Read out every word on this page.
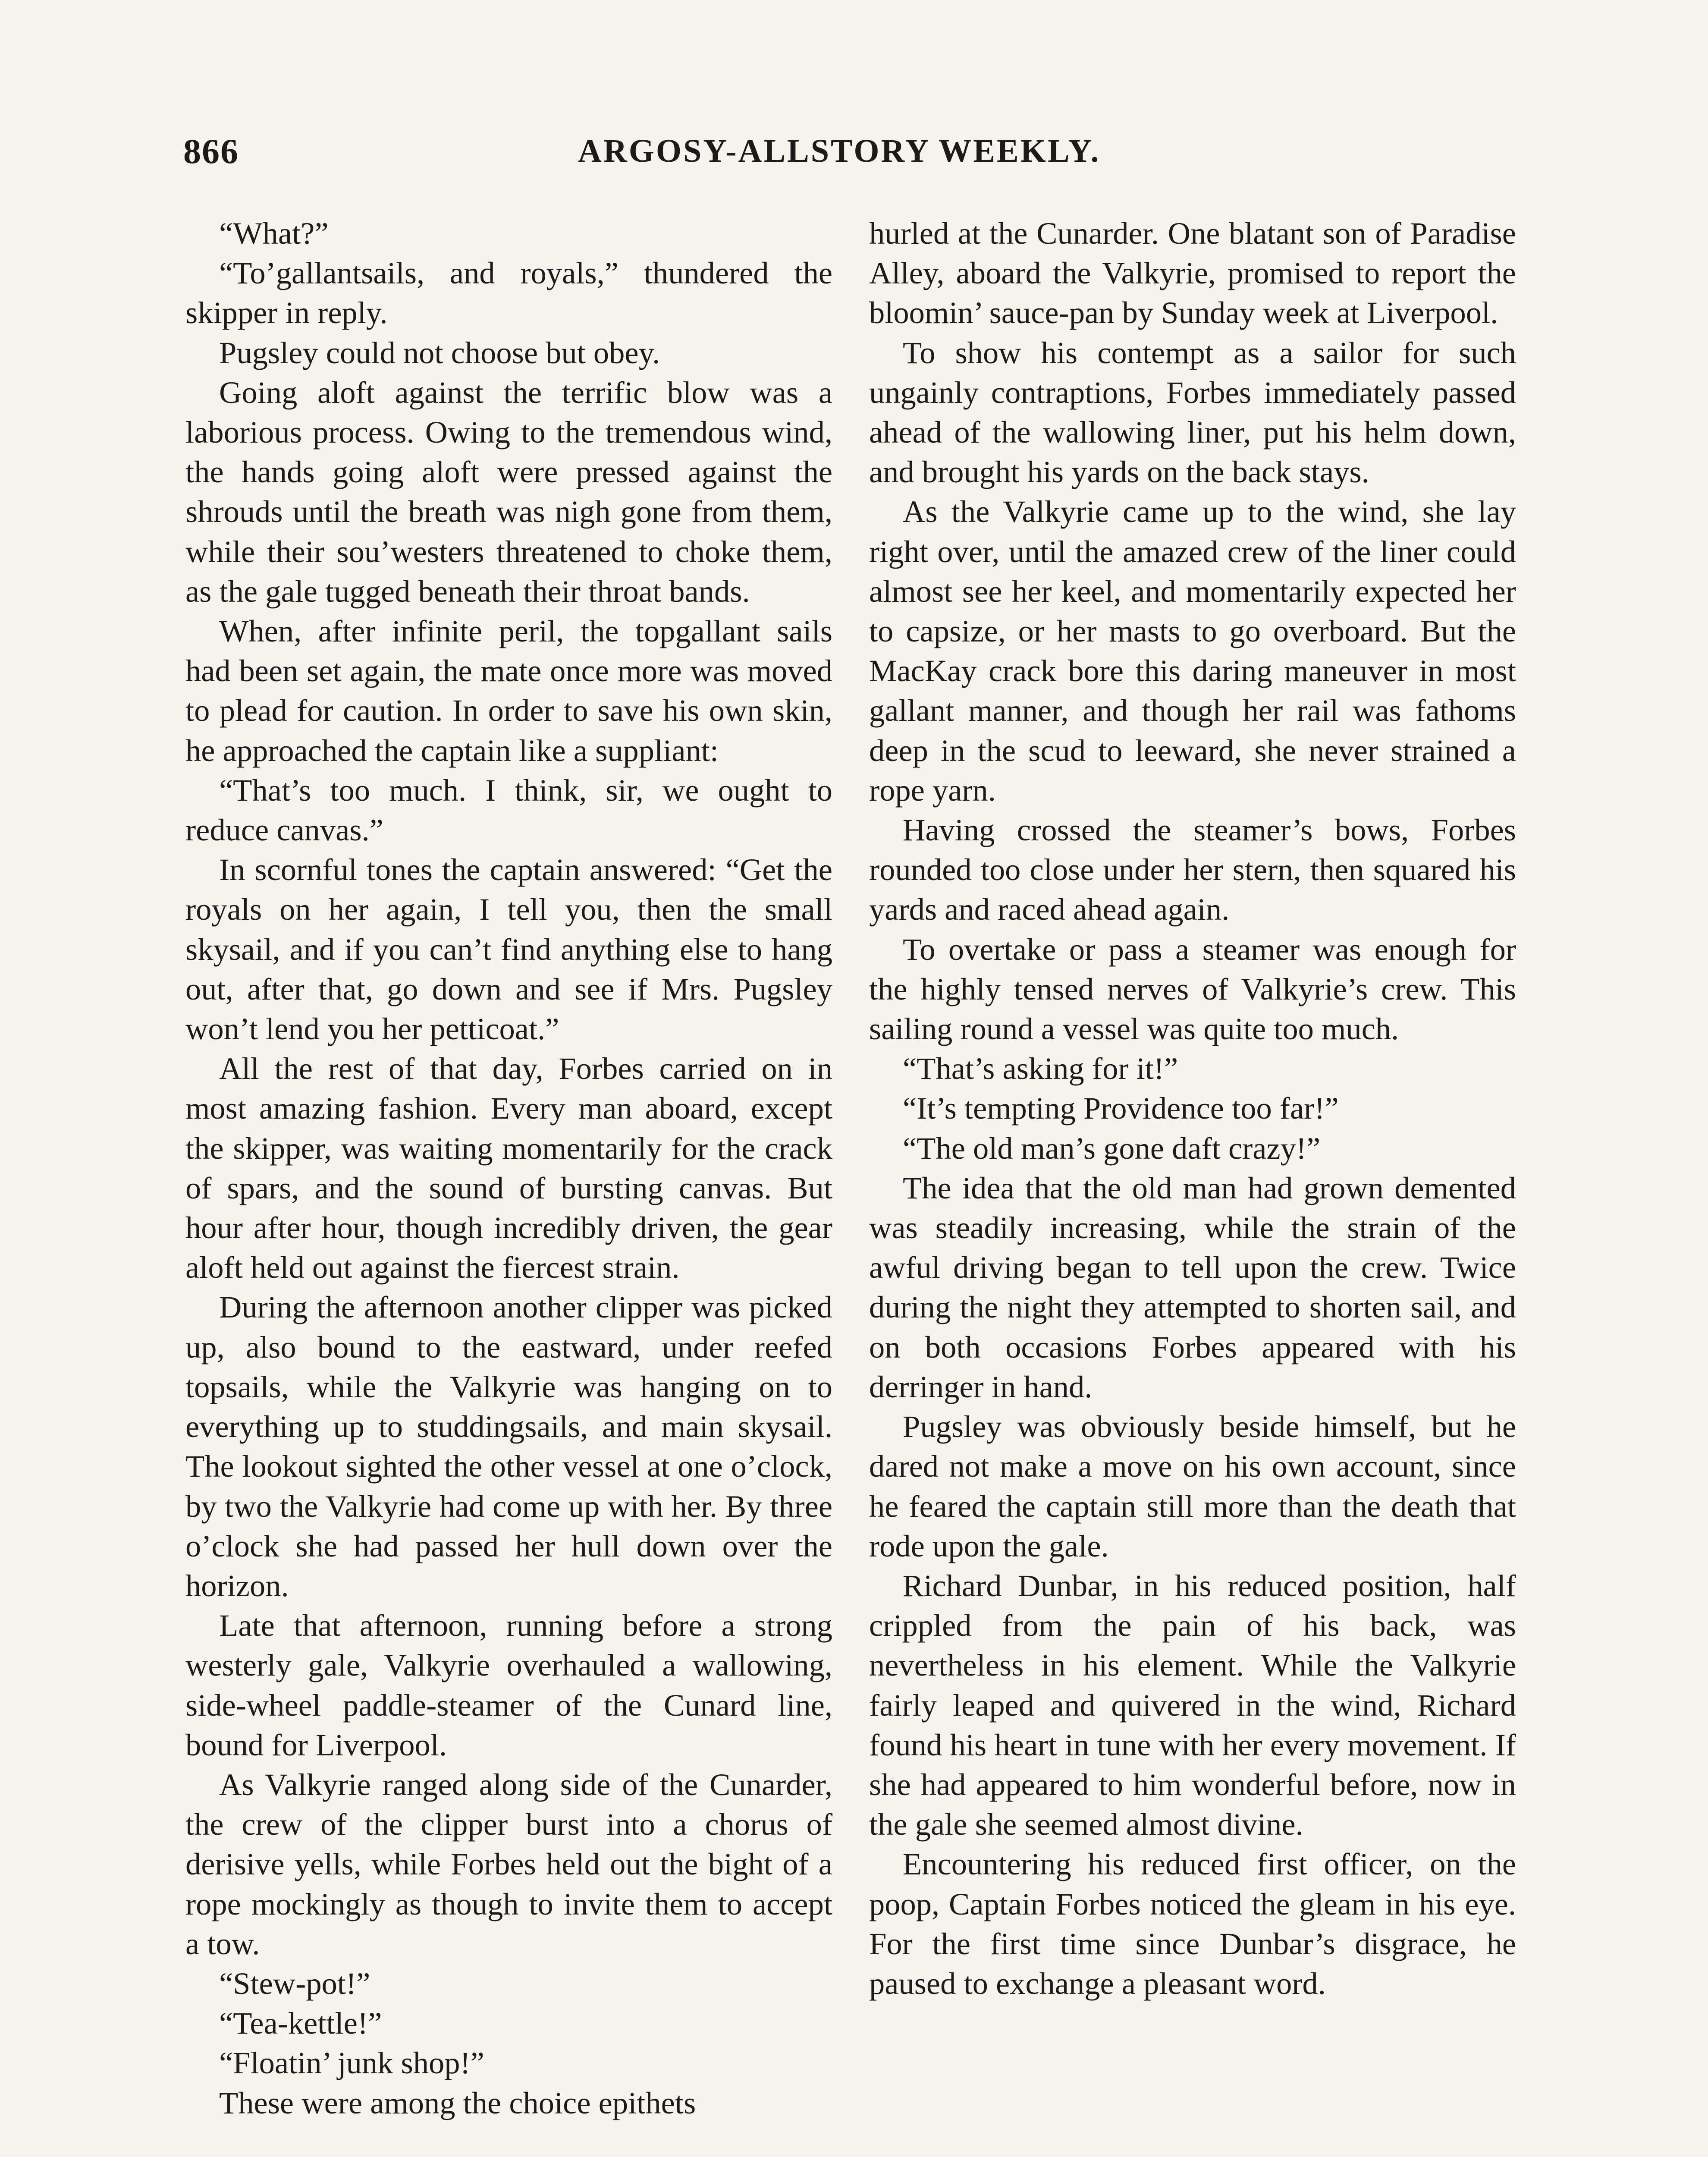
866	ARGOSY-ALLSTORY WEEKLY.

“What?”

“To’gallantsails, and royals,” thundered the skipper in reply.

Pugsley could not choose but obey.

Going aloft against the terrific blow was a laborious process. Owing to the tremendous wind, the hands going aloft were pressed against the shrouds until the breath was nigh gone from them, while their sou’westers threatened to choke them, as the gale tugged beneath their throat bands.

When, after infinite peril, the topgallant sails had been set again, the mate once more was moved to plead for caution. In order to save his own skin, he approached the captain like a suppliant:

“That’s too much. I think, sir, we ought to reduce canvas.”

In scornful tones the captain answered: “Get the royals on her again, I tell you, then the small skysail, and if you can’t find anything else to hang out, after that, go down and see if Mrs. Pugsley won’t lend you her petticoat.”

All the rest of that day, Forbes carried on in most amazing fashion. Every man aboard, except the skipper, was waiting momentarily for the crack of spars, and the sound of bursting canvas. But hour after hour, though incredibly driven, the gear aloft held out against the fiercest strain.

During the afternoon another clipper was picked up, also bound to the eastward, under reefed topsails, while the Valkyrie was hanging on to everything up to studdingsails, and main skysail. The lookout sighted the other vessel at one o’clock, by two the Valkyrie had come up with her. By three o’clock she had passed her hull down over the horizon.

Late that afternoon, running before a strong westerly gale, Valkyrie overhauled a wallowing, side-wheel paddle-steamer of the Cunard line, bound for Liverpool.

As Valkyrie ranged along side of the Cunarder, the crew of the clipper burst into a chorus of derisive yells, while Forbes held out the bight of a rope mockingly as though to invite them to accept a tow.

“Stew-pot!”

“Tea-kettle!”

“Floatin’ junk shop!”

These were among the choice epithets

hurled at the Cunarder. One blatant son of Paradise Alley, aboard the Valkyrie, promised to report the bloomin’ sauce-pan by Sunday week at Liverpool.

To show his contempt as a sailor for such ungainly contraptions, Forbes immediately passed ahead of the wallowing liner, put his helm down, and brought his yards on the back stays.

As the Valkyrie came up to the wind, she lay right over, until the amazed crew of the liner could almost see her keel, and momentarily expected her to capsize, or her masts to go overboard. But the MacKay crack bore this daring maneuver in most gallant manner, and though her rail was fathoms deep in the scud to leeward, she never strained a rope yarn.

Having crossed the steamer’s bows, Forbes rounded too close under her stern, then squared his yards and raced ahead again.

To overtake or pass a steamer was enough for the highly tensed nerves of Valkyrie’s crew. This sailing round a vessel was quite too much.

“That’s asking for it!”

“It’s tempting Providence too far!”

“The old man’s gone daft crazy!”

The idea that the old man had grown demented was steadily increasing, while the strain of the awful driving began to tell upon the crew. Twice during the night they attempted to shorten sail, and on both occasions Forbes appeared with his derringer in hand.

Pugsley was obviously beside himself, but he dared not make a move on his own account, since he feared the captain still more than the death that rode upon the gale.

Richard Dunbar, in his reduced position, half crippled from the pain of his back, was nevertheless in his element. While the Valkyrie fairly leaped and quivered in the wind, Richard found his heart in tune with her every movement. If she had appeared to him wonderful before, now in the gale she seemed almost divine.

Encountering his reduced first officer, on the poop, Captain Forbes noticed the gleam in his eye. For the first time since Dunbar’s disgrace, he paused to exchange a pleasant word.
